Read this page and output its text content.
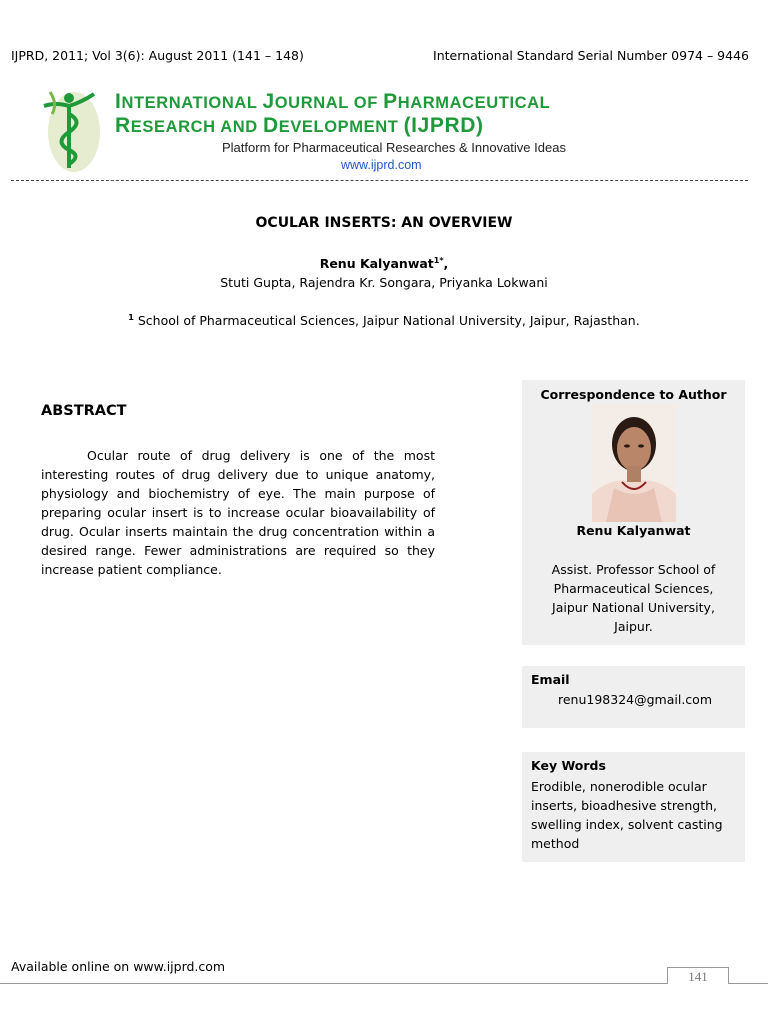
IJPRD, 2011; Vol 3(6): August 2011 (141 – 148)	International Standard Serial Number 0974 – 9446
INTERNATIONAL JOURNAL OF PHARMACEUTICAL
RESEARCH AND DEVELOPMENT (IJPRD)
Platform for Pharmaceutical Researches & Innovative Ideas
www.ijprd.com
OCULAR INSERTS: AN OVERVIEW
Renu Kalyanwat$^{1*}$,
Stuti Gupta, Rajendra Kr. Songara, Priyanka Lokwani
$^1$ School of Pharmaceutical Sciences, Jaipur National University, Jaipur, Rajasthan.
ABSTRACT
Ocular route of drug delivery is one of the most interesting routes of drug delivery due to unique anatomy, physiology and biochemistry of eye. The main purpose of preparing ocular insert is to increase ocular bioavailability of drug. Ocular inserts maintain the drug concentration within a desired range. Fewer administrations are required so they increase patient compliance.
Correspondence to Author
Renu Kalyanwat
Assist. Professor School of Pharmaceutical Sciences, Jaipur National University, Jaipur.
Email
renu198324@gmail.com
Key Words
Erodible, nonerodible ocular inserts, bioadhesive strength, swelling index, solvent casting method
Available online on www.ijprd.com
141
